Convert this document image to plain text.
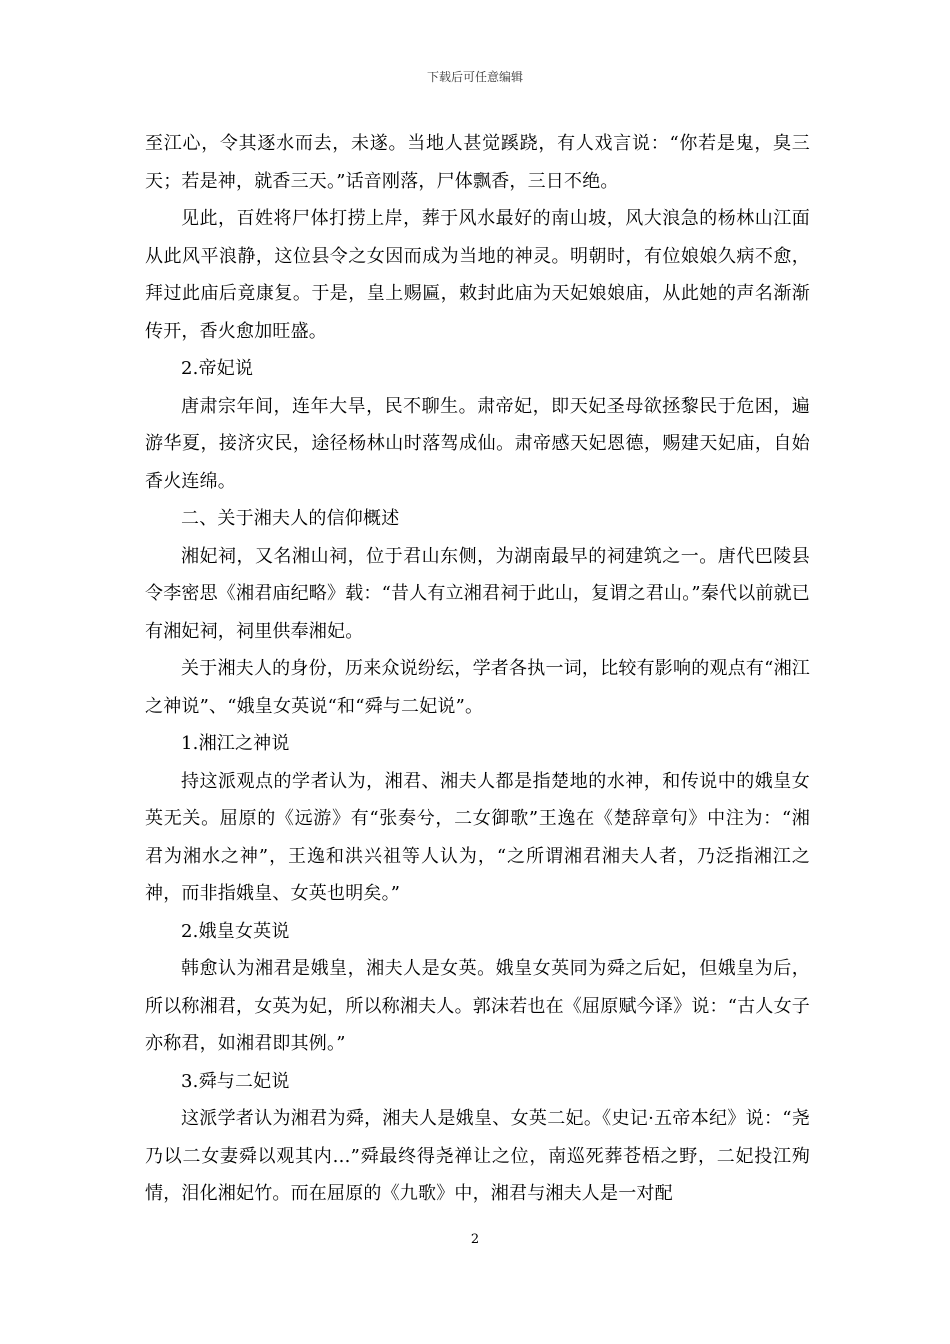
下载后可任意编辑

至江心，令其逐水而去，未遂。当地人甚觉蹊跷，有人戏言说：“你若是鬼，臭三天；若是神，就香三天。”话音刚落，尸体飘香，三日不绝。

见此，百姓将尸体打捞上岸，葬于风水最好的南山坡，风大浪急的杨林山江面从此风平浪静，这位县令之女因而成为当地的神灵。明朝时，有位娘娘久病不愈，拜过此庙后竟康复。于是，皇上赐匾，敕封此庙为天妃娘娘庙，从此她的声名渐渐传开，香火愈加旺盛。

2.帝妃说

唐肃宗年间，连年大旱，民不聊生。肃帝妃，即天妃圣母欲拯黎民于危困，遍游华夏，接济灾民，途径杨林山时落驾成仙。肃帝感天妃恩德，赐建天妃庙，自始香火连绵。

二、关于湘夫人的信仰概述

湘妃祠，又名湘山祠，位于君山东侧，为湖南最早的祠建筑之一。唐代巴陵县令李密思《湘君庙纪略》载：“昔人有立湘君祠于此山，复谓之君山。”秦代以前就已有湘妃祠，祠里供奉湘妃。

关于湘夫人的身份，历来众说纷纭，学者各执一词，比较有影响的观点有“湘江之神说”、“娥皇女英说“和“舜与二妃说”。

1.湘江之神说

持这派观点的学者认为，湘君、湘夫人都是指楚地的水神，和传说中的娥皇女英无关。屈原的《远游》有“张奏兮，二女御歌”王逸在《楚辞章句》中注为：“湘君为湘水之神”，王逸和洪兴祖等人认为，“之所谓湘君湘夫人者，乃泛指湘江之神，而非指娥皇、女英也明矣。”

2.娥皇女英说

韩愈认为湘君是娥皇，湘夫人是女英。娥皇女英同为舜之后妃，但娥皇为后，所以称湘君，女英为妃，所以称湘夫人。郭沫若也在《屈原赋今译》说：“古人女子亦称君，如湘君即其例。”

3.舜与二妃说

这派学者认为湘君为舜，湘夫人是娥皇、女英二妃。《史记·五帝本纪》说：“尧乃以二女妻舜以观其内…”舜最终得尧禅让之位，南巡死葬苍梧之野，二妃投江殉情，泪化湘妃竹。而在屈原的《九歌》中，湘君与湘夫人是一对配

2
